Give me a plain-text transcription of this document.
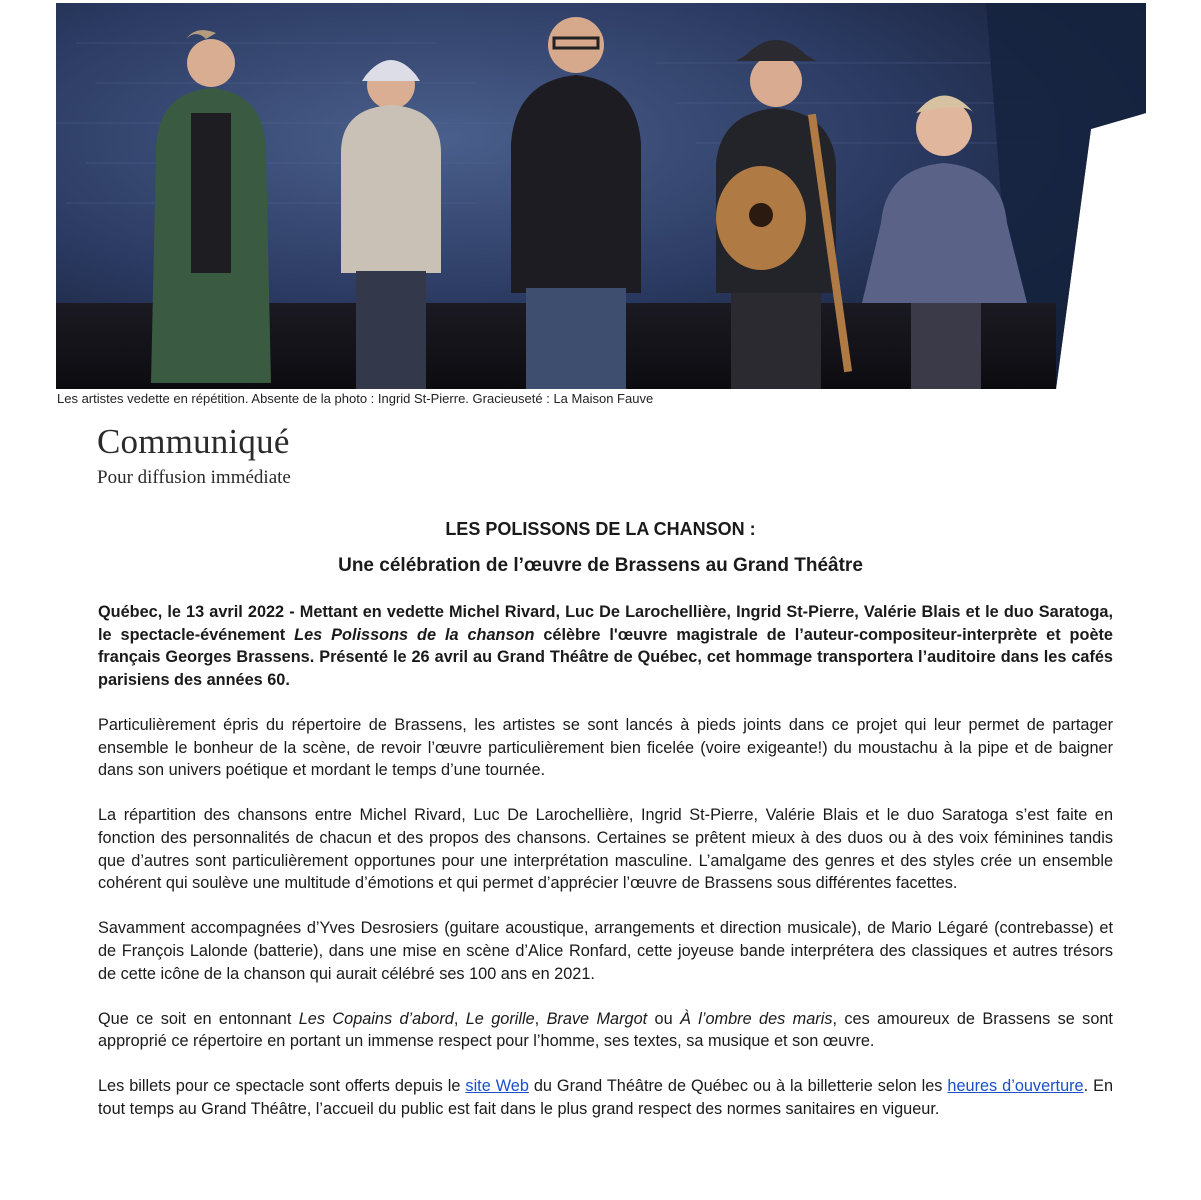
Les artistes vedette en répétition. Absente de la photo : Ingrid St-Pierre. Gracieuseté : La Maison Fauve
Communiqué
Pour diffusion immédiate
LES POLISSONS DE LA CHANSON :
Une célébration de l’œuvre de Brassens au Grand Théâtre

Québec, le 13 avril 2022 - Mettant en vedette Michel Rivard, Luc De Larochellière, Ingrid St-Pierre, Valérie Blais et le duo Saratoga, le spectacle-événement Les Polissons de la chanson célèbre l'œuvre magistrale de l’auteur-compositeur-interprète et poète français Georges Brassens. Présenté le 26 avril au Grand Théâtre de Québec, cet hommage transportera l’auditoire dans les cafés parisiens des années 60.

Particulièrement épris du répertoire de Brassens, les artistes se sont lancés à pieds joints dans ce projet qui leur permet de partager ensemble le bonheur de la scène, de revoir l’œuvre particulièrement bien ficelée (voire exigeante!) du moustachu à la pipe et de baigner dans son univers poétique et mordant le temps d’une tournée.

La répartition des chansons entre Michel Rivard, Luc De Larochellière, Ingrid St-Pierre, Valérie Blais et le duo Saratoga s’est faite en fonction des personnalités de chacun et des propos des chansons. Certaines se prêtent mieux à des duos ou à des voix féminines tandis que d’autres sont particulièrement opportunes pour une interprétation masculine. L’amalgame des genres et des styles crée un ensemble cohérent qui soulève une multitude d’émotions et qui permet d’apprécier l’œuvre de Brassens sous différentes facettes.

Savamment accompagnées d’Yves Desrosiers (guitare acoustique, arrangements et direction musicale), de Mario Légaré (contrebasse) et de François Lalonde (batterie), dans une mise en scène d’Alice Ronfard, cette joyeuse bande interprétera des classiques et autres trésors de cette icône de la chanson qui aurait célébré ses 100 ans en 2021.

Que ce soit en entonnant Les Copains d’abord, Le gorille, Brave Margot ou À l’ombre des maris, ces amoureux de Brassens se sont approprié ce répertoire en portant un immense respect pour l’homme, ses textes, sa musique et son œuvre.

Les billets pour ce spectacle sont offerts depuis le site Web du Grand Théâtre de Québec ou à la billetterie selon les heures d’ouverture. En tout temps au Grand Théâtre, l’accueil du public est fait dans le plus grand respect des normes sanitaires en vigueur.
